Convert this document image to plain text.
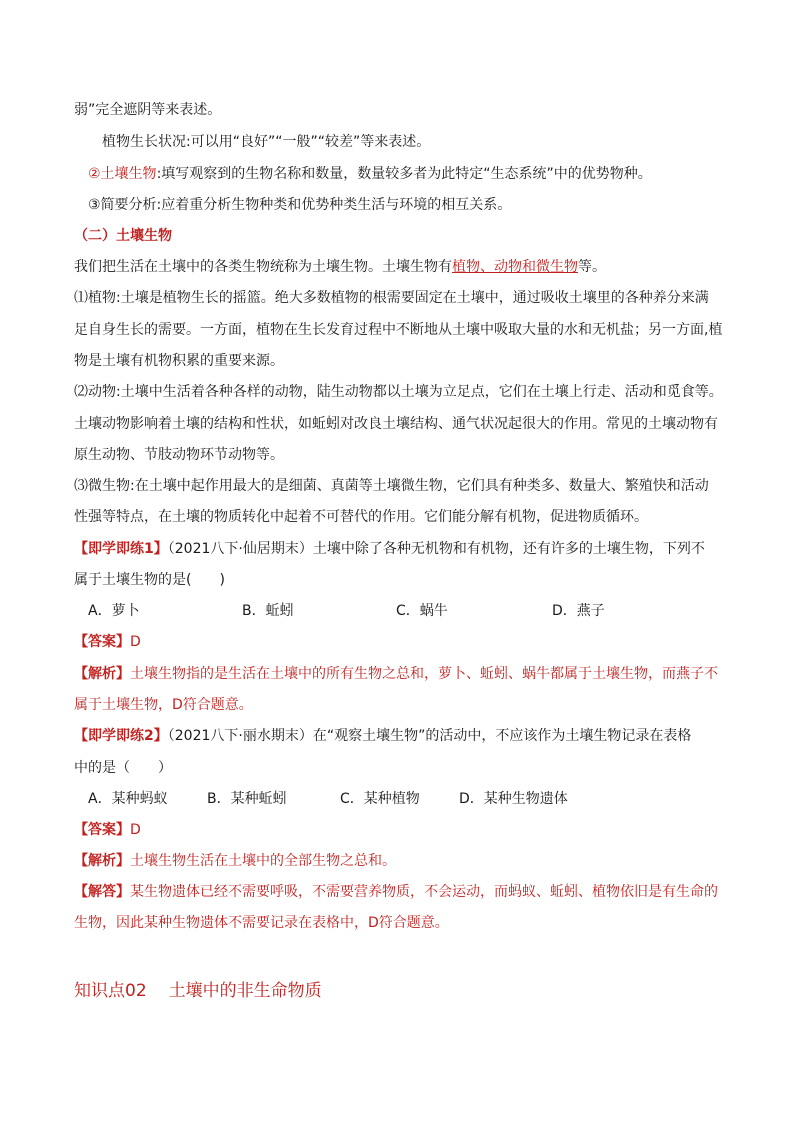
弱”完全遮阴等来表述。
植物生长状况:可以用“良好”“一般”“较差”等来表述。
②土壤生物:填写观察到的生物名称和数量，数量较多者为此特定“生态系统”中的优势物种。
③简要分析:应着重分析生物种类和优势种类生活与环境的相互关系。
（二）土壤生物
我们把生活在土壤中的各类生物统称为土壤生物。土壤生物有植物、动物和微生物等。
⑴植物:土壤是植物生长的摇篮。绝大多数植物的根需要固定在土壤中，通过吸收土壤里的各种养分来满
足自身生长的需要。一方面，植物在生长发育过程中不断地从土壤中吸取大量的水和无机盐；另一方面,植
物是土壤有机物积累的重要来源。
⑵动物:土壤中生活着各种各样的动物，陆生动物都以土壤为立足点，它们在土壤上行走、活动和觅食等。
土壤动物影响着土壤的结构和性状，如蚯蚓对改良土壤结构、通气状况起很大的作用。常见的土壤动物有
原生动物、节肢动物环节动物等。
⑶微生物:在土壤中起作用最大的是细菌、真菌等土壤微生物，它们具有种类多、数量大、繁殖快和活动
性强等特点，在土壤的物质转化中起着不可替代的作用。它们能分解有机物，促进物质循环。
【即学即练1】（2021八下·仙居期末）土壤中除了各种无机物和有机物，还有许多的土壤生物，下列不
属于土壤生物的是(　　)
A．萝卜	B．蚯蚓	C．蜗牛	D．燕子
【答案】D
【解析】土壤生物指的是生活在土壤中的所有生物之总和，萝卜、蚯蚓、蜗牛都属于土壤生物，而燕子不
属于土壤生物，D符合题意。
【即学即练2】（2021八下·丽水期末）在“观察土壤生物”的活动中，不应该作为土壤生物记录在表格
中的是（　　）
A．某种蚂蚁	B．某种蚯蚓	C．某种植物	D．某种生物遗体
【答案】D
【解析】土壤生物生活在土壤中的全部生物之总和。
【解答】某生物遗体已经不需要呼吸，不需要营养物质，不会运动，而蚂蚁、蚯蚓、植物依旧是有生命的
生物，因此某种生物遗体不需要记录在表格中，D符合题意。
知识点02 土壤中的非生命物质
